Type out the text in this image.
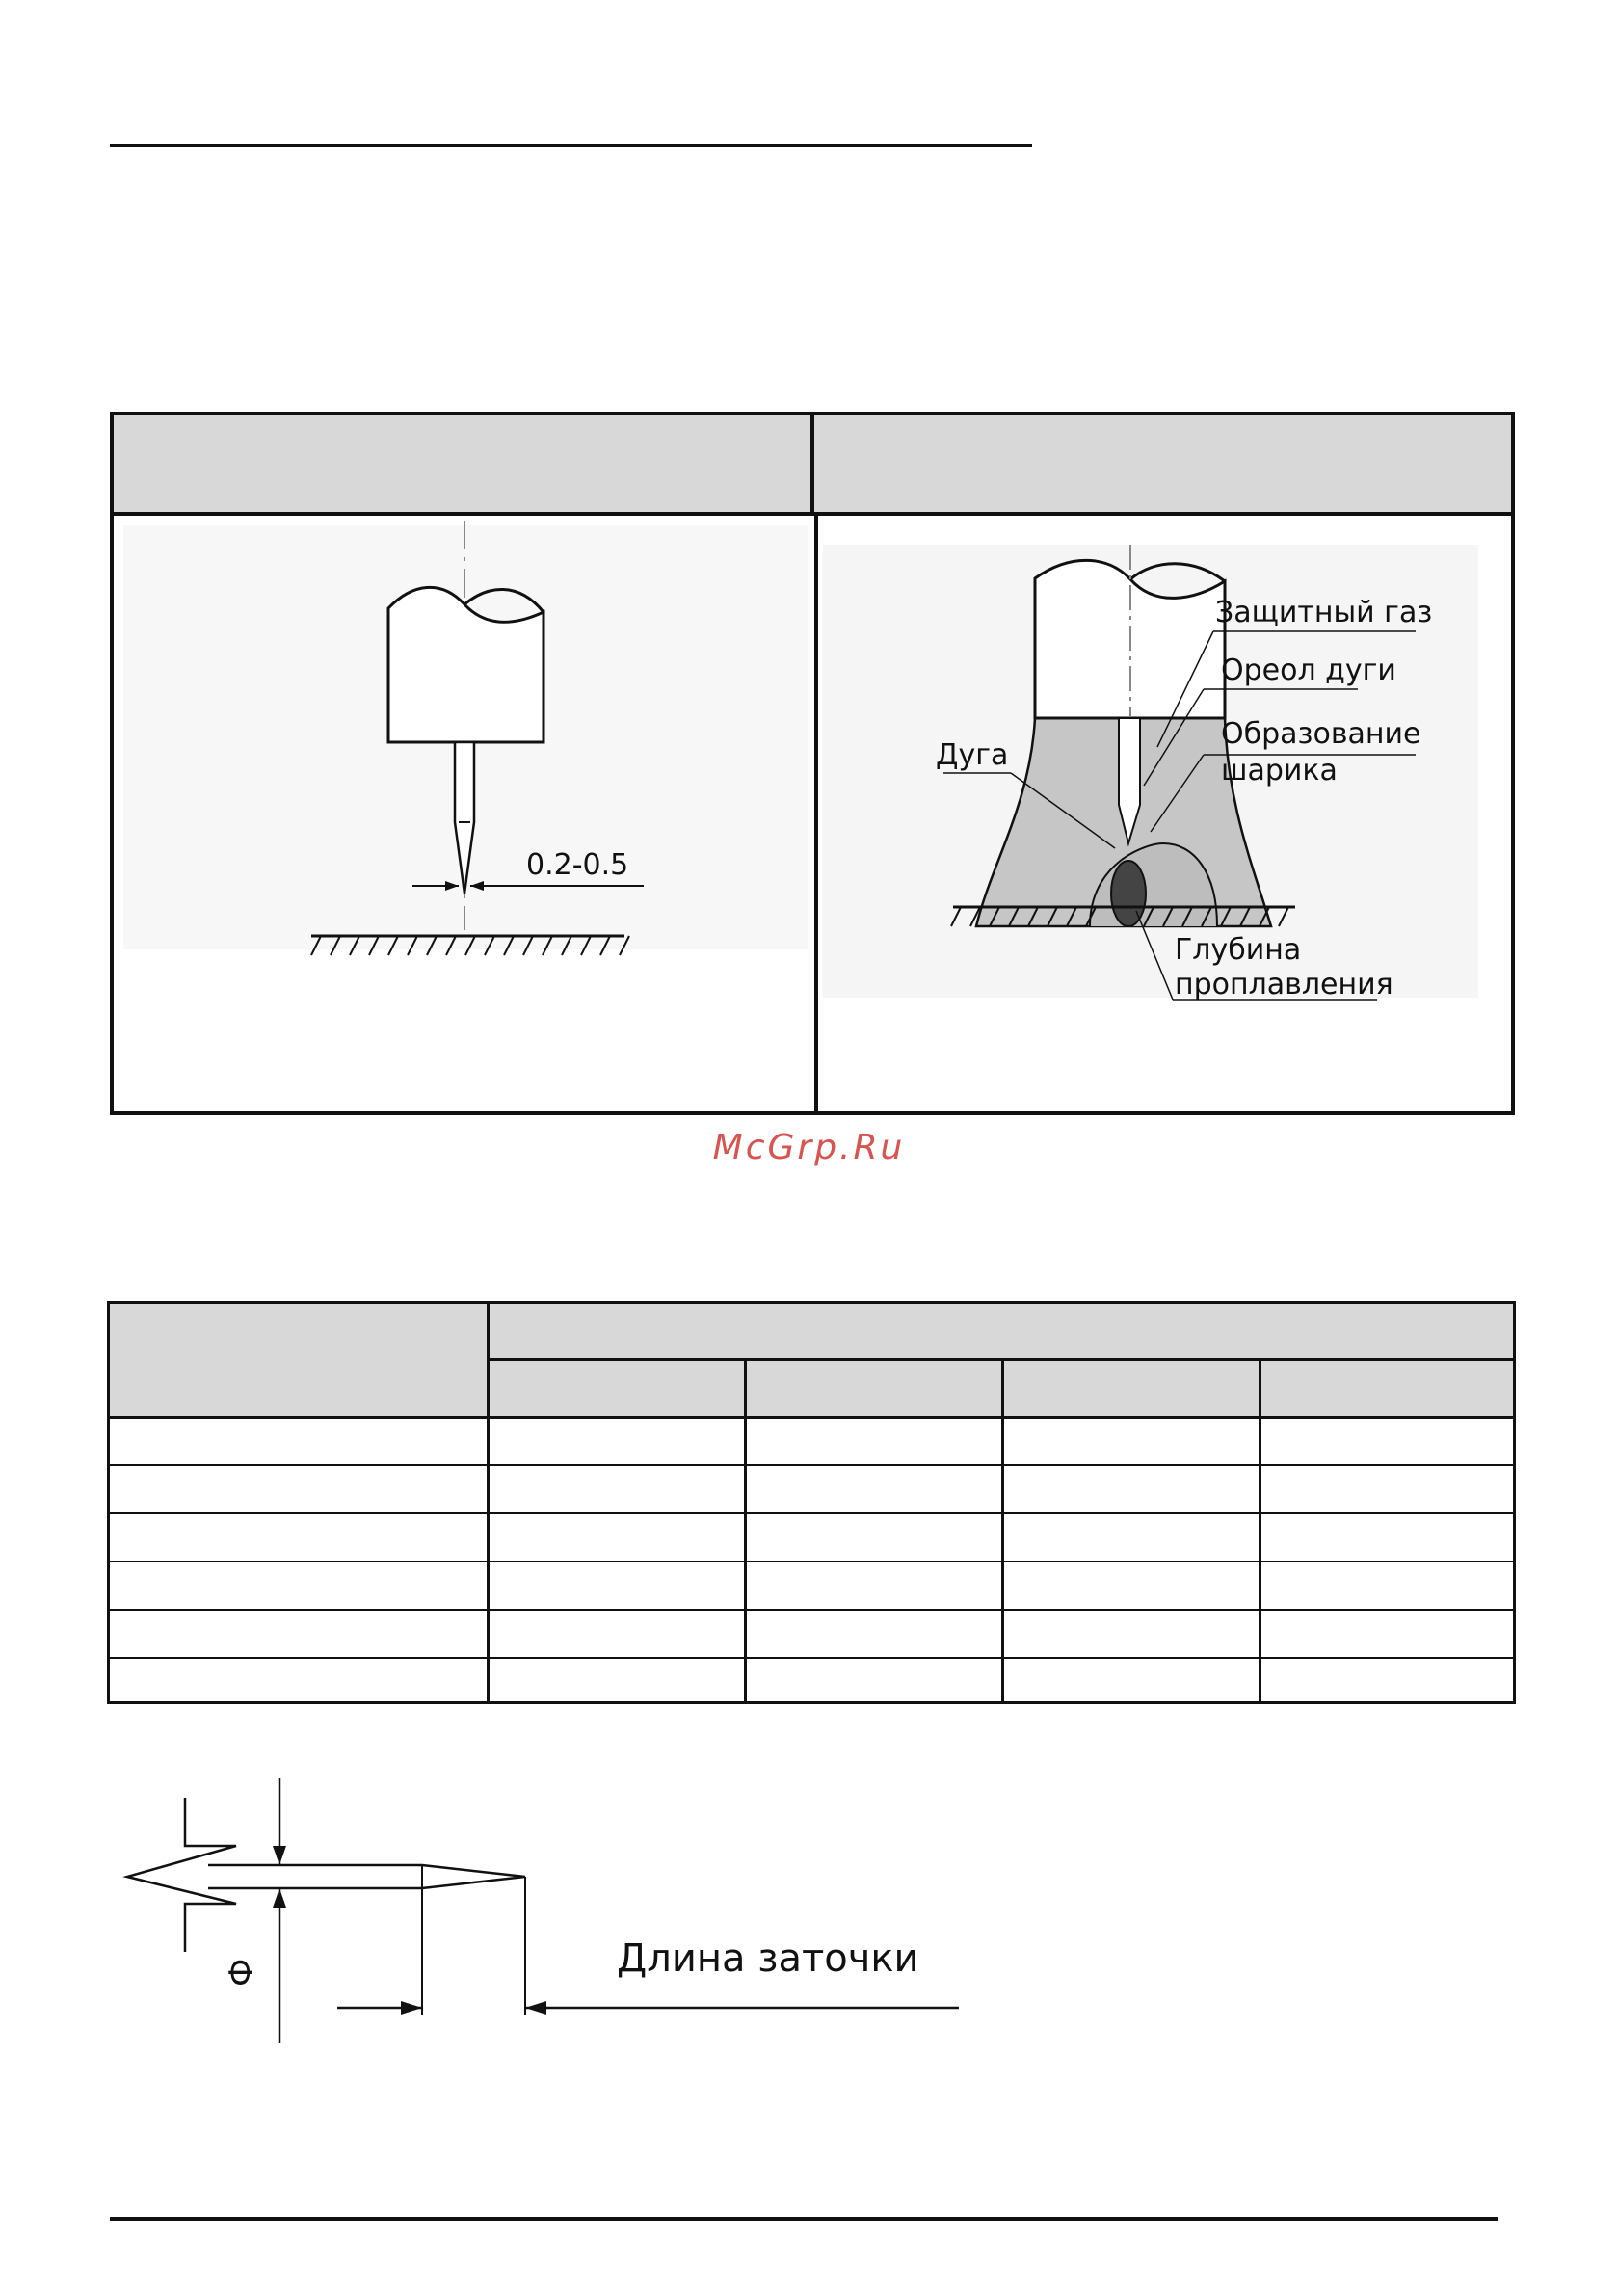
0.2-0.5
Защитный газ
Ореол дуги
Образование
шарика
Дуга
Глубина
проплавления
McGrp.Ru
Ф	Длина заточки
